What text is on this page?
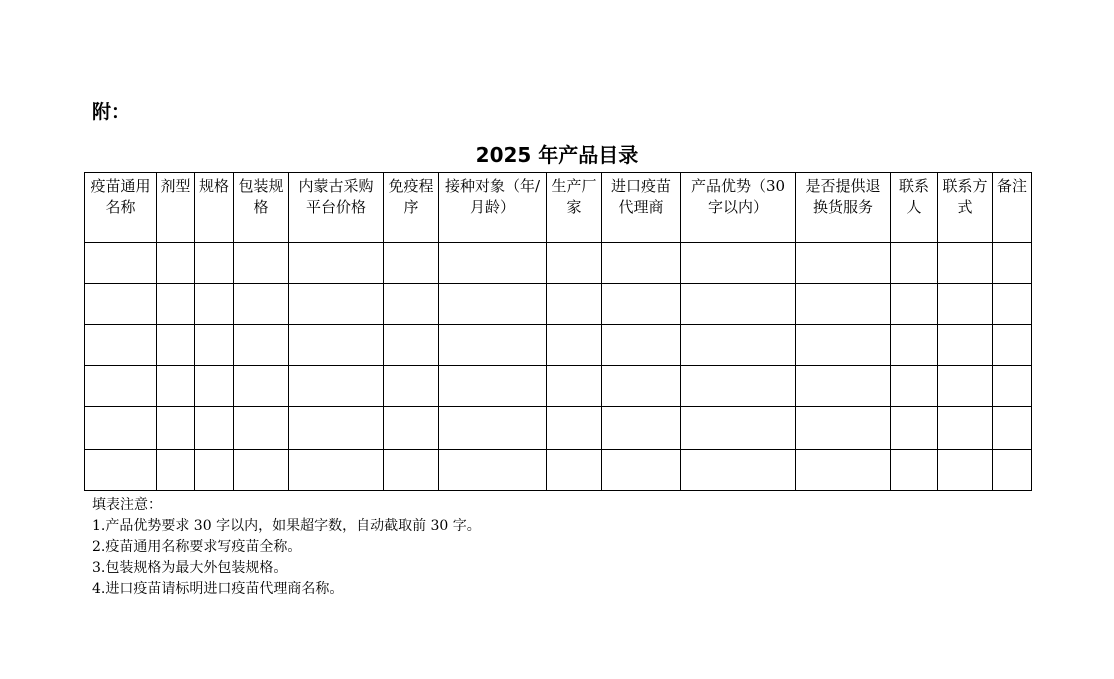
附：
2025 年产品目录
疫苗通用名称	剂型	规格	包装规格	内蒙古采购平台价格	免疫程序	接种对象（年/月龄）	生产厂家	进口疫苗代理商	产品优势（30字以内）	是否提供退换货服务	联系人	联系方式	备注

填表注意：
1.产品优势要求 30 字以内，如果超字数，自动截取前 30 字。
2.疫苗通用名称要求写疫苗全称。
3.包装规格为最大外包装规格。
4.进口疫苗请标明进口疫苗代理商名称。
